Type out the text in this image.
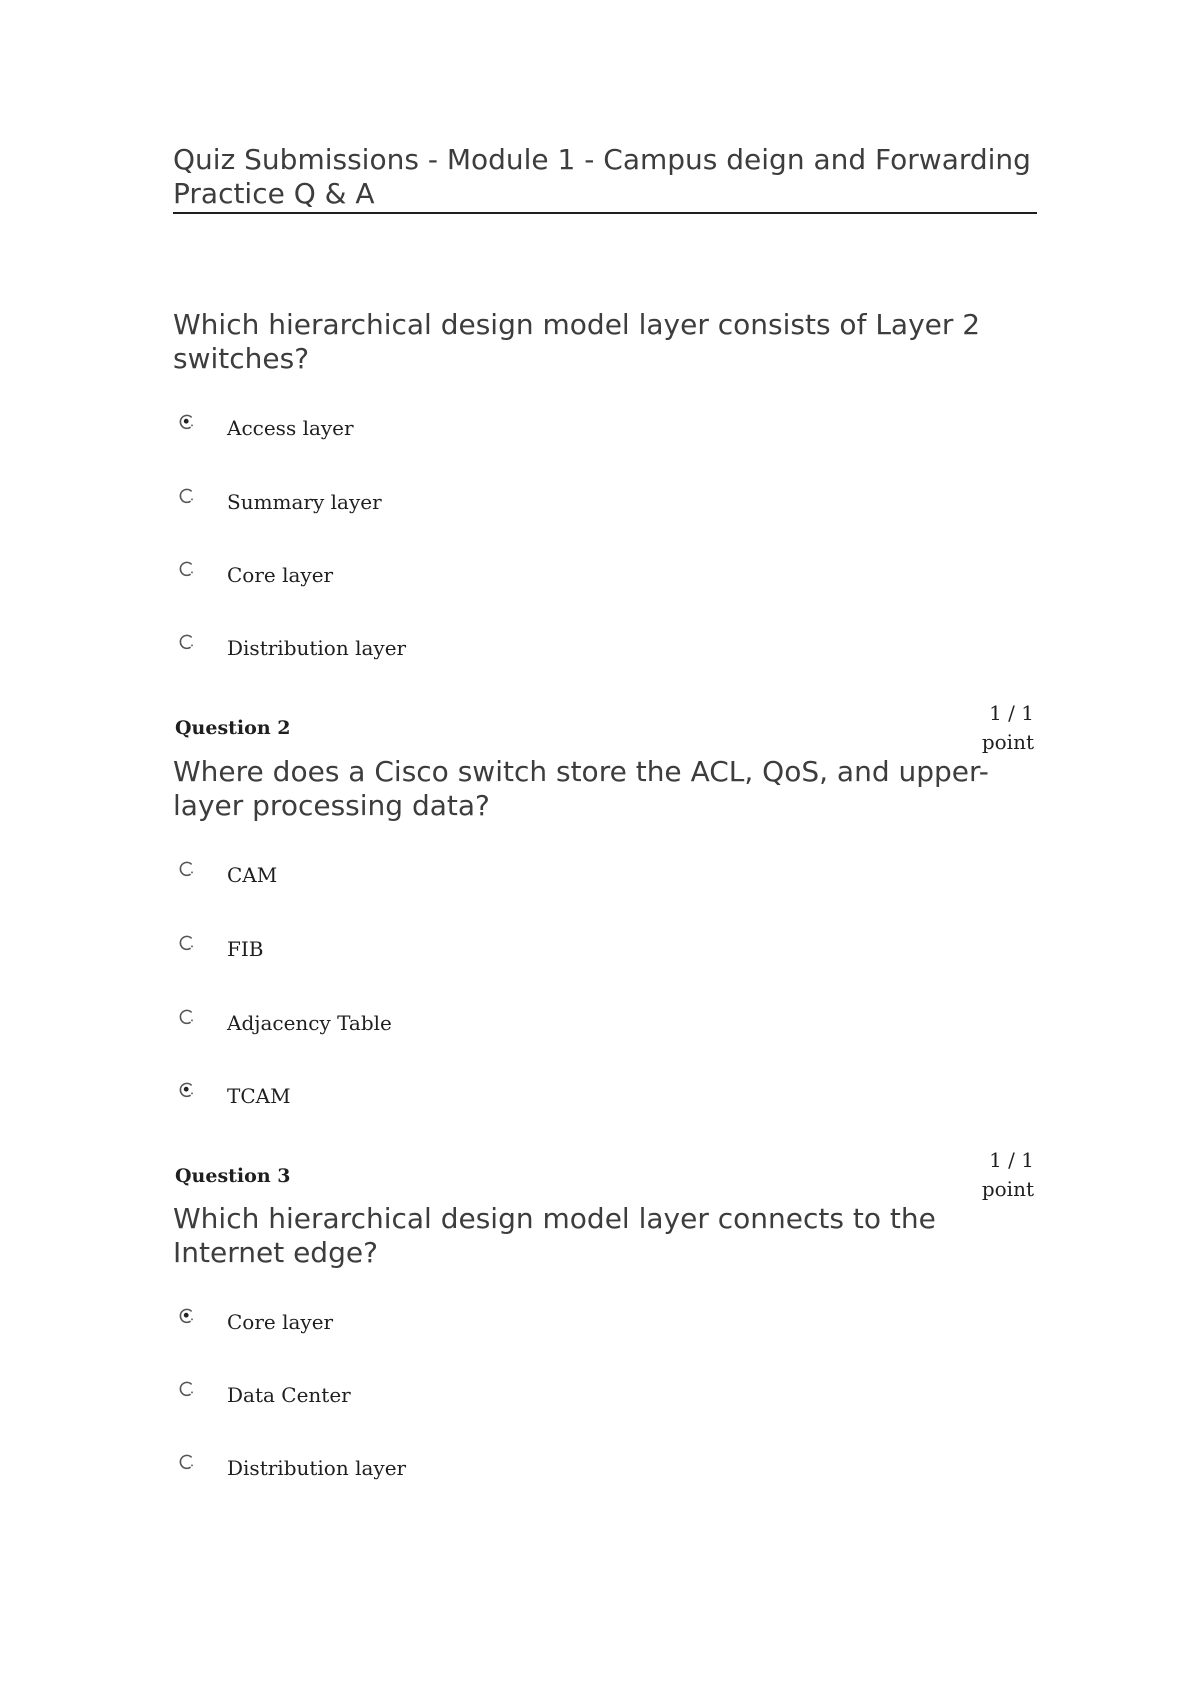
Quiz Submissions - Module 1 - Campus deign and Forwarding Practice Q & A

Which hierarchical design model layer consists of Layer 2 switches?

Access layer
Summary layer
Core layer
Distribution layer
Question 2
1 / 1
point

Where does a Cisco switch store the ACL, QoS, and upper-layer processing data?

CAM
FIB
Adjacency Table
TCAM
Question 3
1 / 1
point

Which hierarchical design model layer connects to the Internet edge?

Core layer
Data Center
Distribution layer
